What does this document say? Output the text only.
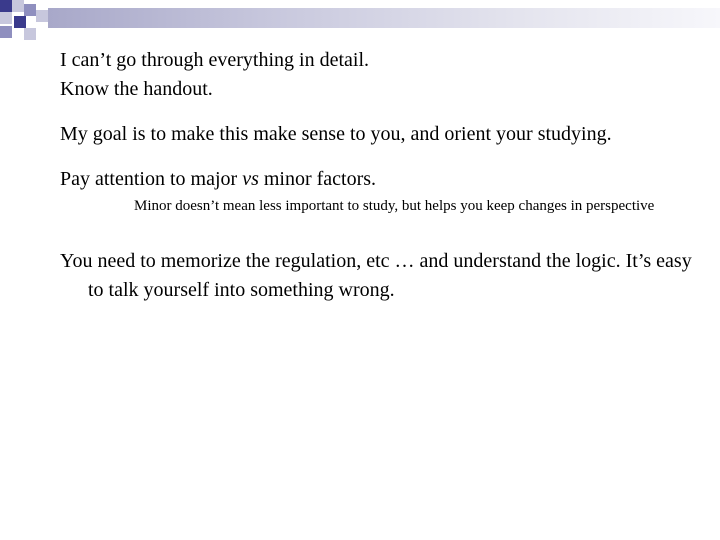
I can’t go through everything in detail.

Know the handout.

My goal is to make this make sense to you, and orient your studying.

Pay attention to major vs minor factors.

Minor doesn’t mean less important to study, but helps you keep changes in perspective

You need to memorize the regulation, etc … and understand the logic. It’s easy to talk yourself into something wrong.
